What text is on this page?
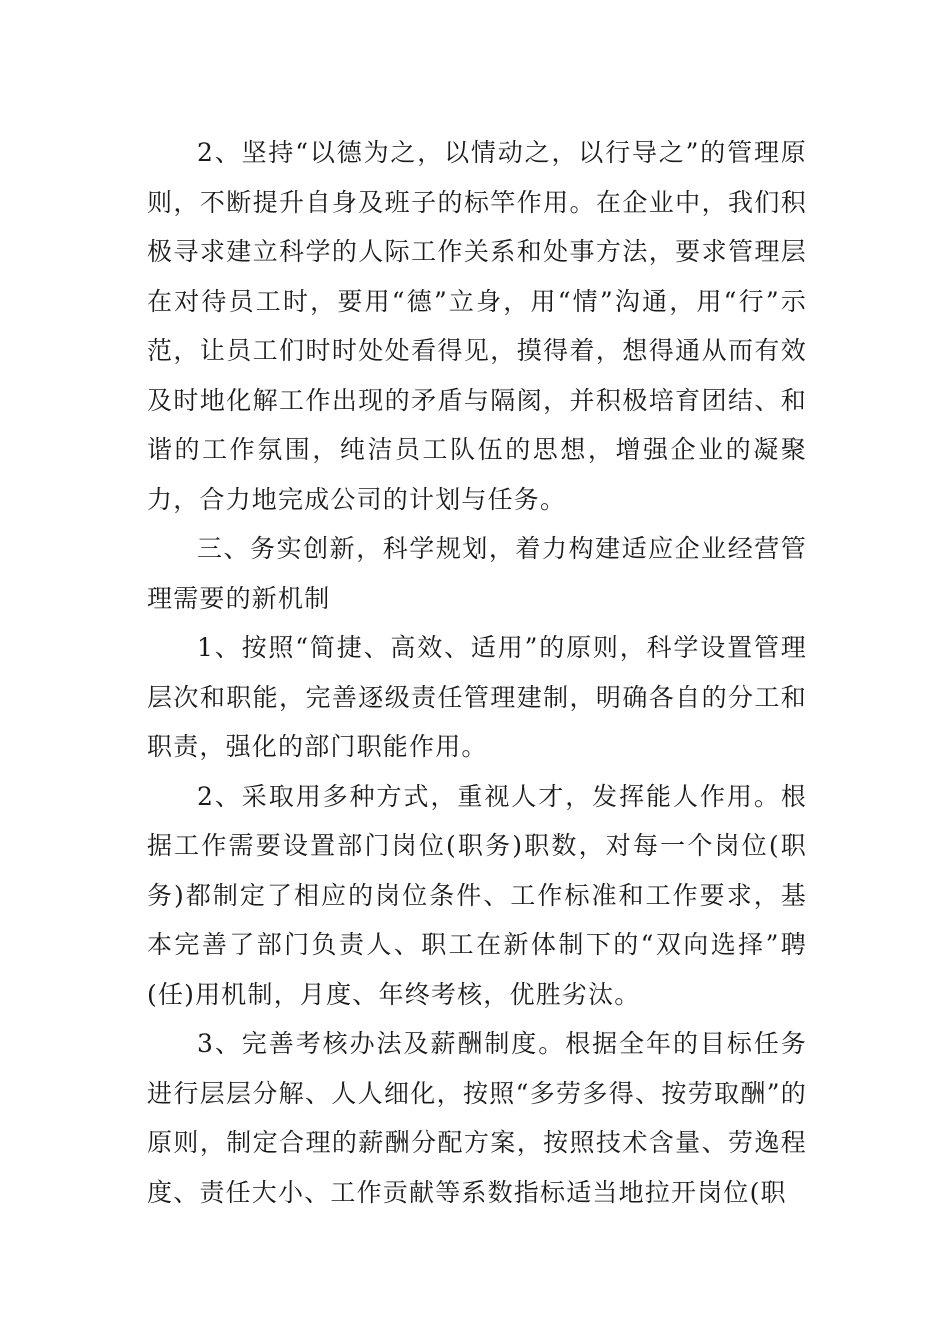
2、坚持“以德为之，以情动之，以行导之”的管理原则，不断提升自身及班子的标竿作用。在企业中，我们积极寻求建立科学的人际工作关系和处事方法，要求管理层在对待员工时，要用“德”立身，用“情”沟通，用“行”示范，让员工们时时处处看得见，摸得着，想得通从而有效及时地化解工作出现的矛盾与隔阂，并积极培育团结、和谐的工作氛围，纯洁员工队伍的思想，增强企业的凝聚力，合力地完成公司的计划与任务。

三、务实创新，科学规划，着力构建适应企业经营管理需要的新机制

1、按照“简捷、高效、适用”的原则，科学设置管理层次和职能，完善逐级责任管理建制，明确各自的分工和职责，强化的部门职能作用。

2、采取用多种方式，重视人才，发挥能人作用。根据工作需要设置部门岗位(职务)职数，对每一个岗位(职务)都制定了相应的岗位条件、工作标准和工作要求，基本完善了部门负责人、职工在新体制下的“双向选择”聘(任)用机制，月度、年终考核，优胜劣汰。

3、完善考核办法及薪酬制度。根据全年的目标任务进行层层分解、人人细化，按照“多劳多得、按劳取酬”的原则，制定合理的薪酬分配方案，按照技术含量、劳逸程度、责任大小、工作贡献等系数指标适当地拉开岗位(职
